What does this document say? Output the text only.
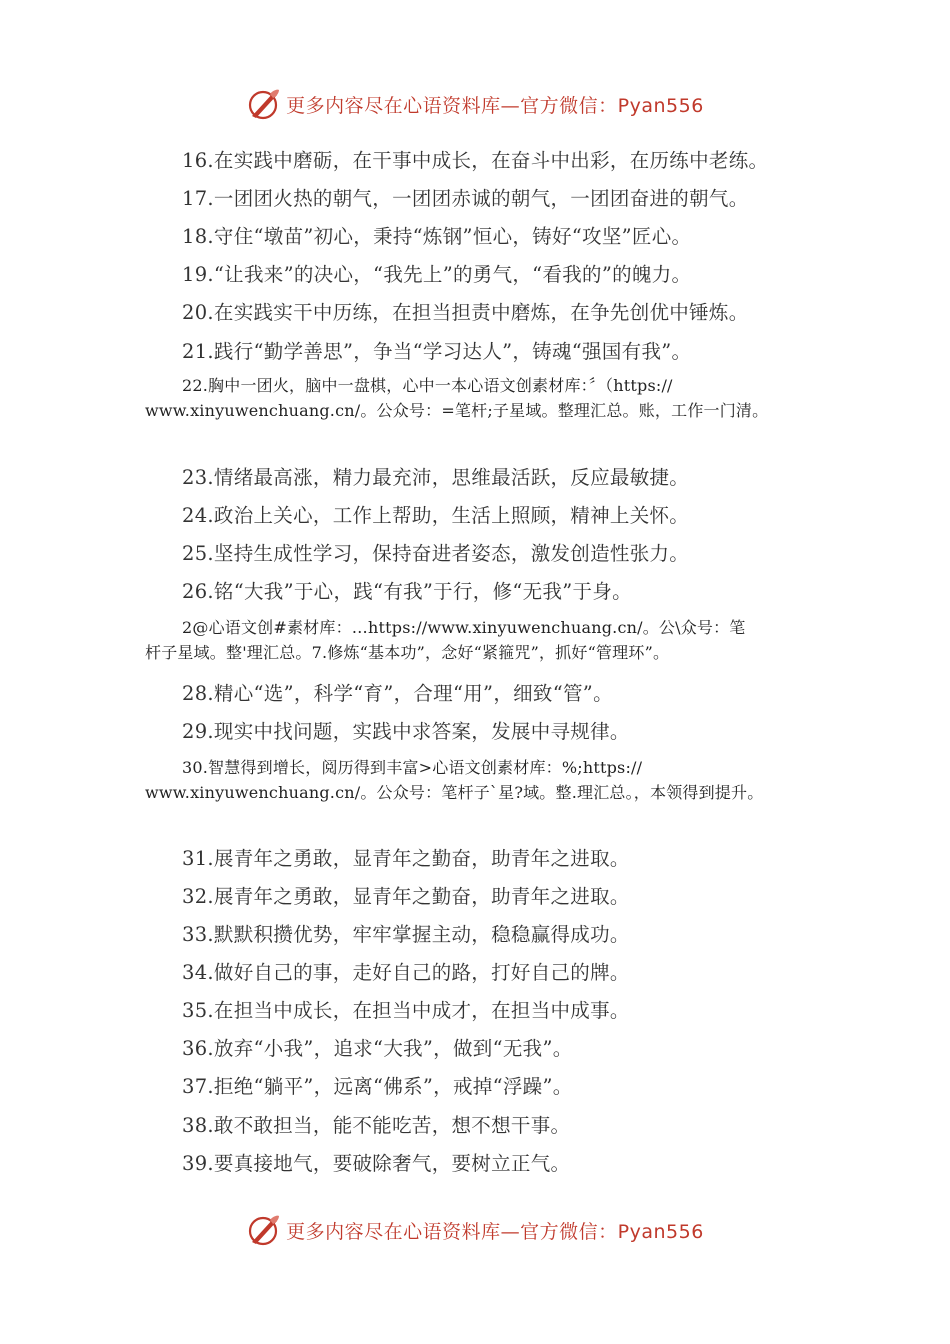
更多内容尽在心语资料库—官方微信：Pyan556
16.在实践中磨砺，在干事中成长，在奋斗中出彩，在历练中老练。
17.一团团火热的朝气，一团团赤诚的朝气，一团团奋进的朝气。
18.守住“墩苗”初心，秉持“炼钢”恒心，铸好“攻坚”匠心。
19.“让我来”的决心，“我先上”的勇气，“看我的”的魄力。
20.在实践实干中历练，在担当担责中磨炼，在争先创优中锤炼。
21.践行“勤学善思”，争当“学习达人”，铸魂“强国有我”。
22.胸中一团火，脑中一盘棋，心中一本心语文创素材库：〞（https://
www.xinyuwenchuang.cn/。公众号：=笔杆;子星域。整理汇总。账，工作一门清。
23.情绪最高涨，精力最充沛，思维最活跃，反应最敏捷。
24.政治上关心，工作上帮助，生活上照顾，精神上关怀。
25.坚持生成性学习，保持奋进者姿态，激发创造性张力。
26.铭“大我”于心，践“有我”于行，修“无我”于身。
2@心语文创#素材库：…https://www.xinyuwenchuang.cn/。公\众号：笔
杆子星域。整'理汇总。7.修炼“基本功”，念好“紧箍咒”，抓好“管理环”。
28.精心“选”，科学“育”，合理“用”，细致“管”。
29.现实中找问题，实践中求答案，发展中寻规律。
30.智慧得到增长，阅历得到丰富>心语文创素材库：%;https://
www.xinyuwenchuang.cn/。公众号：笔杆子`星?域。整.理汇总。，本领得到提升。
31.展青年之勇敢，显青年之勤奋，助青年之进取。
32.展青年之勇敢，显青年之勤奋，助青年之进取。
33.默默积攒优势，牢牢掌握主动，稳稳赢得成功。
34.做好自己的事，走好自己的路，打好自己的牌。
35.在担当中成长，在担当中成才，在担当中成事。
36.放弃“小我”，追求“大我”，做到“无我”。
37.拒绝“躺平”，远离“佛系”，戒掉“浮躁”。
38.敢不敢担当，能不能吃苦，想不想干事。
39.要真接地气，要破除奢气，要树立正气。
更多内容尽在心语资料库—官方微信：Pyan556
